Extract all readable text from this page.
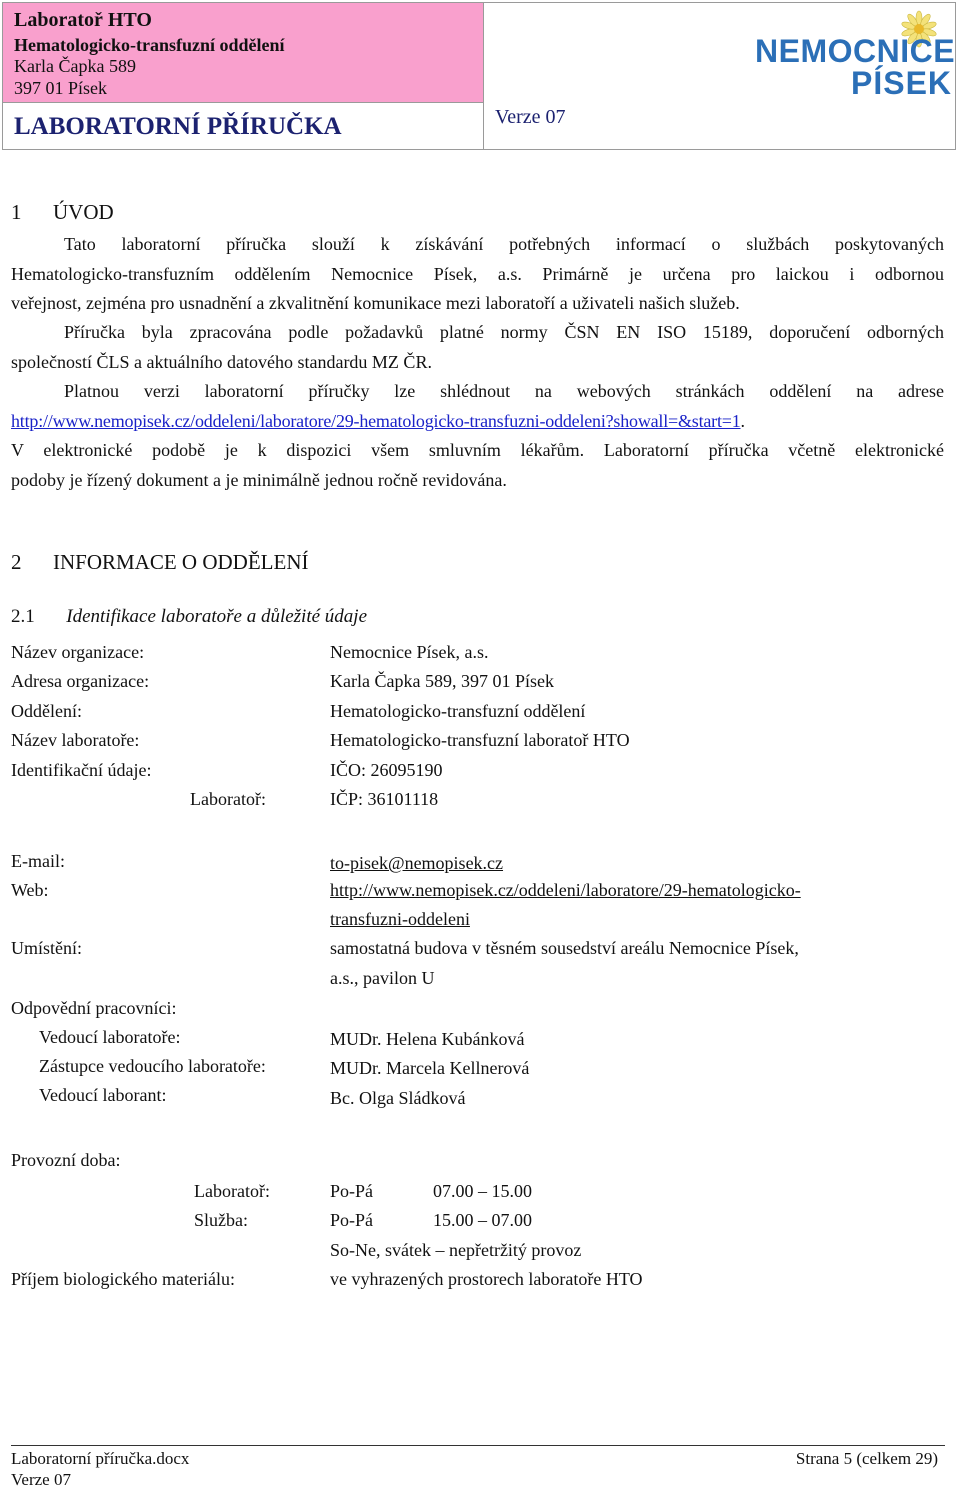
Laboratoř HTO
Hematologicko-transfuzní oddělení
Karla Čapka 589
397 01 Písek
LABORATORNÍ PŘÍRUČKA	Verze 07
NEMOCNICE
PÍSEK
1 ÚVOD
Tato laboratorní příručka slouží k získávání potřebných informací o službách poskytovaných
Hematologicko-transfuzním oddělením Nemocnice Písek, a.s. Primárně je určena pro laickou i odbornou
veřejnost, zejména pro usnadnění a zkvalitnění komunikace mezi laboratoří a uživateli našich služeb.
Příručka byla zpracována podle požadavků platné normy ČSN EN ISO 15189, doporučení odborných
společností ČLS a aktuálního datového standardu MZ ČR.
Platnou verzi laboratorní příručky lze shlédnout na webových stránkách oddělení na adrese
http://www.nemopisek.cz/oddeleni/laboratore/29-hematologicko-transfuzni-oddeleni?showall=&start=1.
V elektronické podobě je k dispozici všem smluvním lékařům. Laboratorní příručka včetně elektronické
podoby je řízený dokument a je minimálně jednou ročně revidována.
2 INFORMACE O ODDĚLENÍ
2.1 Identifikace laboratoře a důležité údaje
Název organizace:	Nemocnice Písek, a.s.
Adresa organizace:	Karla Čapka 589, 397 01 Písek
Oddělení:	Hematologicko-transfuzní oddělení
Název laboratoře:	Hematologicko-transfuzní laboratoř HTO
Identifikační údaje:	IČO: 26095190
Laboratoř:	IČP: 36101118
E-mail:	to-pisek@nemopisek.cz
Web:	http://www.nemopisek.cz/oddeleni/laboratore/29-hematologicko-
transfuzni-oddeleni
Umístění:	samostatná budova v těsném sousedství areálu Nemocnice Písek,
a.s., pavilon U
Odpovědní pracovníci:
Vedoucí laboratoře:	MUDr. Helena Kubánková
Zástupce vedoucího laboratoře:	MUDr. Marcela Kellnerová
Vedoucí laborant:	Bc. Olga Sládková
Provozní doba:
Laboratoř:	Po-Pá	07.00 – 15.00
Služba:	Po-Pá	15.00 – 07.00
So-Ne, svátek – nepřetržitý provoz
Příjem biologického materiálu:	ve vyhrazených prostorech laboratoře HTO
Laboratorní příručka.docx
Verze 07
Strana 5 (celkem 29)
